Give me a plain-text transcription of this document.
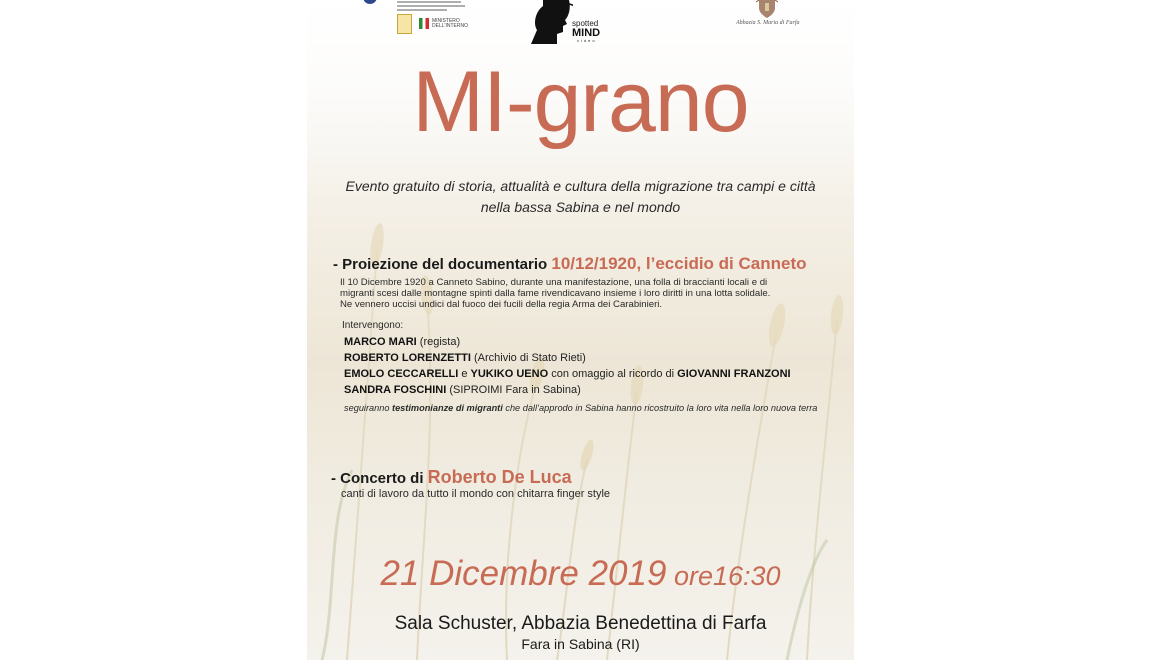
MINISTERO DELL'INTERNO	spotted
MIND
video
Abbazia S. Maria di Farfa
MI-grano
Evento gratuito di storia, attualità e cultura della migrazione tra campi e città
nella bassa Sabina e nel mondo
- Proiezione del documentario 10/12/1920, l’eccidio di Canneto
Il 10 Dicembre 1920 a Canneto Sabino, durante una manifestazione, una folla di braccianti locali e di
migranti scesi dalle montagne spinti dalla fame rivendicavano insieme i loro diritti in una lotta solidale.
Ne vennero uccisi undici dal fuoco dei fucili della regia Arma dei Carabinieri.
Intervengono:
MARCO MARI (regista)
ROBERTO LORENZETTI (Archivio di Stato Rieti)
EMOLO CECCARELLI e YUKIKO UENO con omaggio al ricordo di GIOVANNI FRANZONI
SANDRA FOSCHINI (SIPROIMI Fara in Sabina)
seguiranno testimonianze di migranti che dall’approdo in Sabina hanno ricostruito la loro vita nella loro nuova terra
- Concerto di Roberto De Luca
canti di lavoro da tutto il mondo con chitarra finger style
21 Dicembre 2019 ore16:30
Sala Schuster, Abbazia Benedettina di Farfa
Fara in Sabina (RI)
